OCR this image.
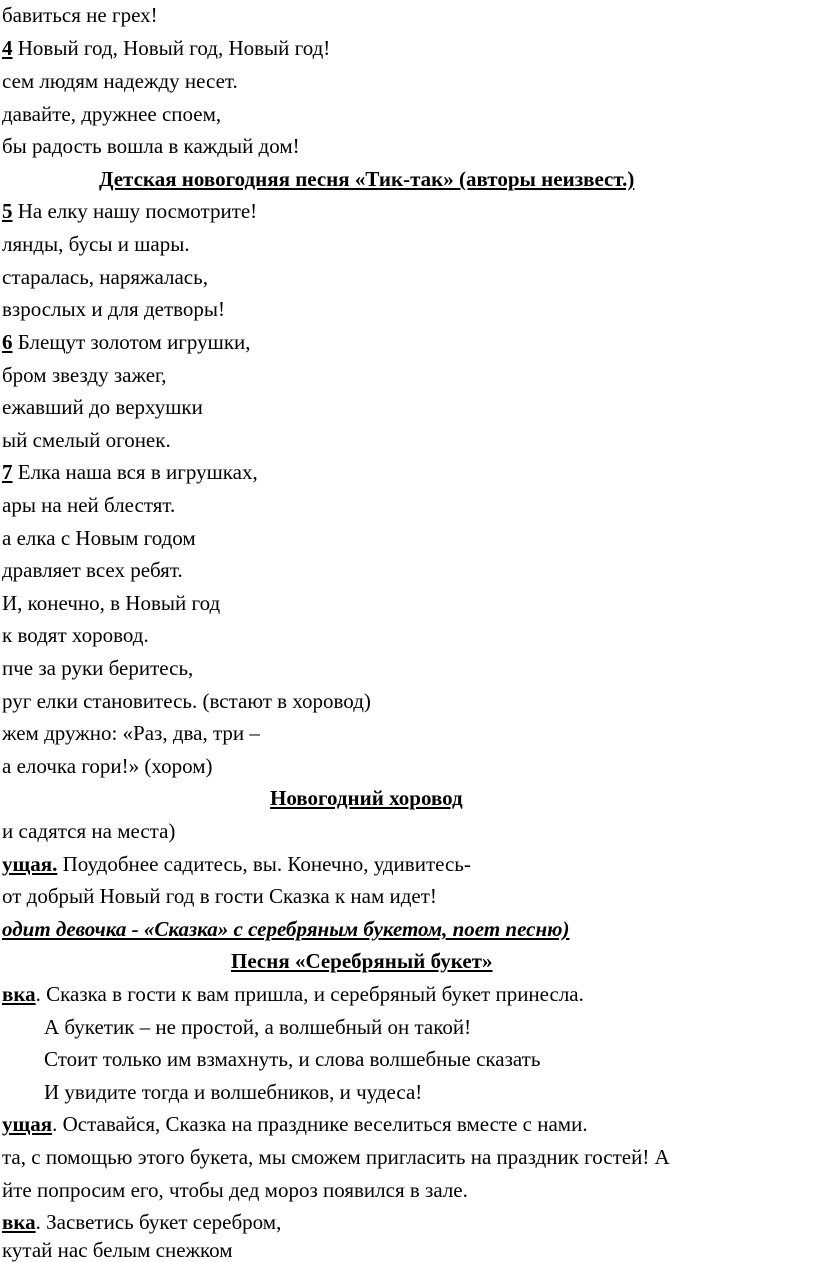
бавиться не грех!
4 Новый год, Новый год, Новый год!
сем людям надежду несет.
давайте, дружнее споем,
бы радость вошла в каждый дом!
Детская новогодняя песня «Тик-так» (авторы неизвест.)
5 На елку нашу посмотрите!
лянды, бусы и шары.
старалась, наряжалась,
взрослых и для детворы!
6 Блещут золотом игрушки,
бром звезду зажег,
ежавший до верхушки
ый смелый огонек.
7 Елка наша вся в игрушках,
ары на ней блестят.
а елка с Новым годом
дравляет всех ребят.
И, конечно, в Новый год
к водят хоровод.
пче за руки беритесь,
руг елки становитесь. (встают в хоровод)
жем дружно: «Раз, два, три –
а елочка гори!» (хором)
Новогодний хоровод
и садятся на места)
ущая. Поудобнее садитесь, вы. Конечно, удивитесь-
от добрый Новый год в гости Сказка к нам идет!
одит девочка - «Сказка» с серебряным букетом, поет песню)
Песня «Серебряный букет»
вка. Сказка в гости к вам пришла, и серебряный букет принесла.
А букетик – не простой, а волшебный он такой!
Стоит только им взмахнуть, и слова волшебные сказать
И увидите тогда и волшебников, и чудеса!
ущая. Оставайся, Сказка на празднике веселиться вместе с нами.
та, с помощью этого букета, мы сможем пригласить на праздник гостей! А
йте попросим его, чтобы дед мороз появился в зале.
вка. Засветись букет серебром,
кутай нас белым снежком
